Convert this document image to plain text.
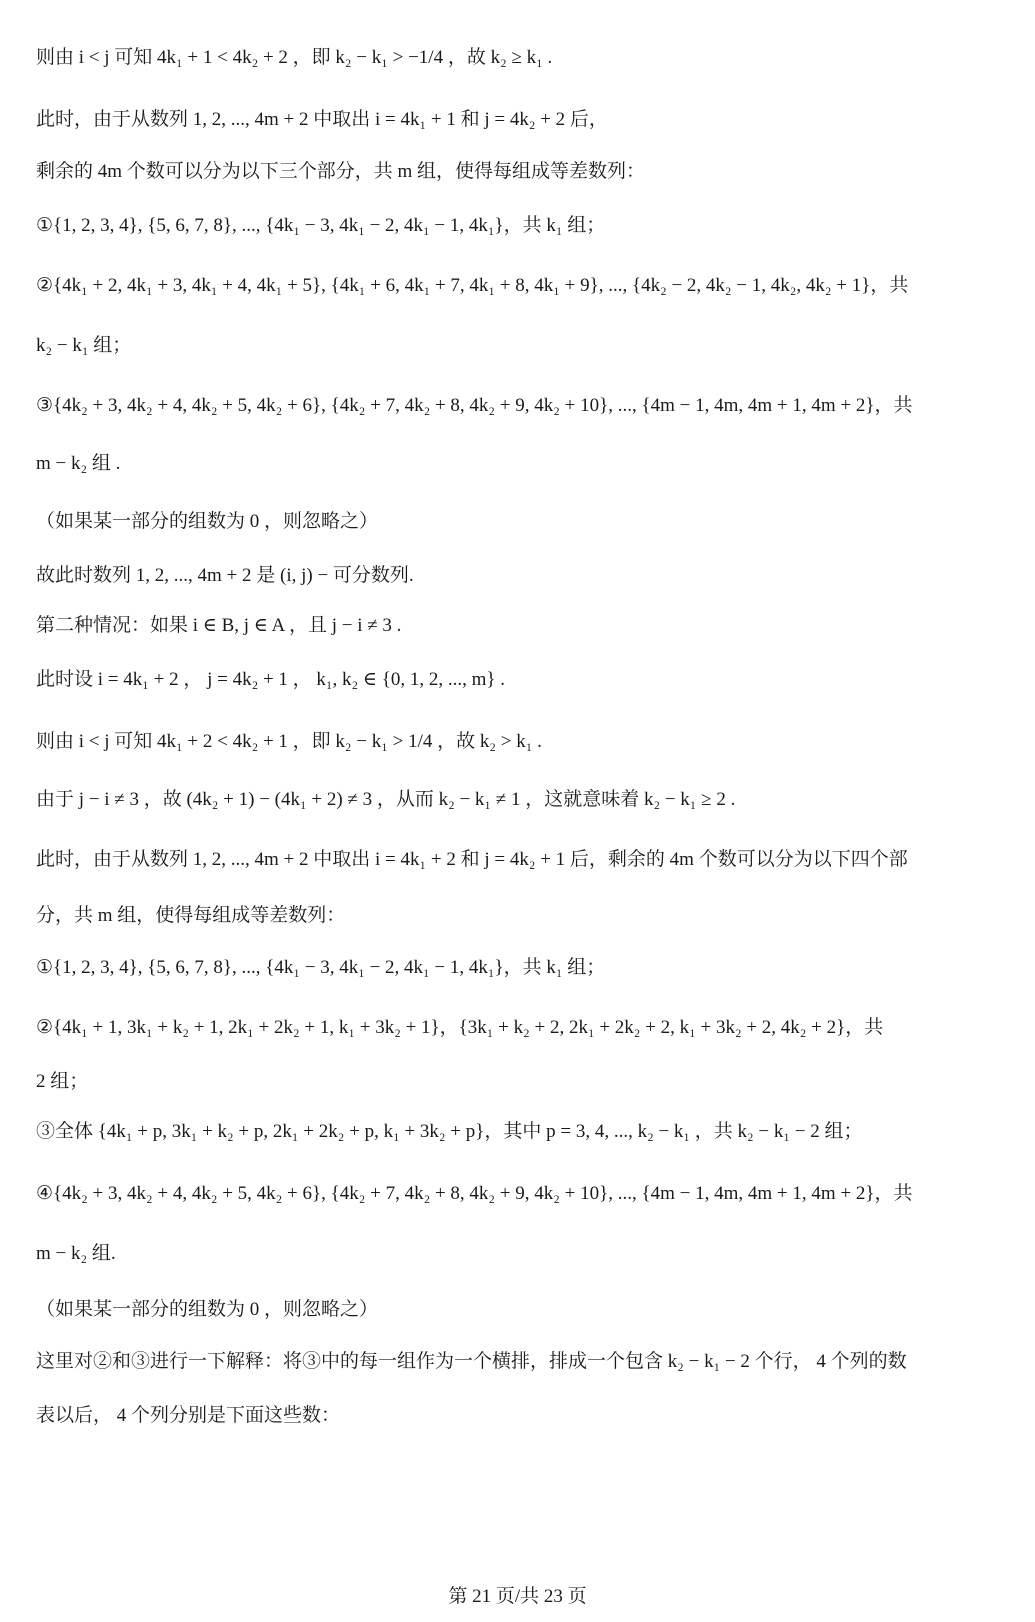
则由 i < j 可知 4k₁ + 1 < 4k₂ + 2 ，即 k₂ − k₁ > −1/4 ，故 k₂ ≥ k₁ .
此时，由于从数列 1, 2, ..., 4m + 2 中取出 i = 4k₁ + 1 和 j = 4k₂ + 2 后，
剩余的 4m 个数可以分为以下三个部分，共 m 组，使得每组成等差数列：
①{1, 2, 3, 4}, {5, 6, 7, 8}, ..., {4k₁ − 3, 4k₁ − 2, 4k₁ − 1, 4k₁}，共 k₁ 组；
②{4k₁ + 2, 4k₁ + 3, 4k₁ + 4, 4k₁ + 5}, {4k₁ + 6, 4k₁ + 7, 4k₁ + 8, 4k₁ + 9}, ..., {4k₂ − 2, 4k₂ − 1, 4k₂, 4k₂ + 1}，共
k₂ − k₁ 组；
③{4k₂ + 3, 4k₂ + 4, 4k₂ + 5, 4k₂ + 6}, {4k₂ + 7, 4k₂ + 8, 4k₂ + 9, 4k₂ + 10}, ..., {4m − 1, 4m, 4m + 1, 4m + 2}，共
m − k₂ 组 .
（如果某一部分的组数为 0 ，则忽略之）
故此时数列 1, 2, ..., 4m + 2 是 (i, j) − 可分数列.
第二种情况：如果 i ∈ B, j ∈ A ，且 j − i ≠ 3 .
此时设 i = 4k₁ + 2 ， j = 4k₂ + 1 ， k₁, k₂ ∈ {0, 1, 2, ..., m} .
则由 i < j 可知 4k₁ + 2 < 4k₂ + 1 ，即 k₂ − k₁ > 1/4 ，故 k₂ > k₁ .
由于 j − i ≠ 3 ，故 (4k₂ + 1) − (4k₁ + 2) ≠ 3 ，从而 k₂ − k₁ ≠ 1 ，这就意味着 k₂ − k₁ ≥ 2 .
此时，由于从数列 1, 2, ..., 4m + 2 中取出 i = 4k₁ + 2 和 j = 4k₂ + 1 后，剩余的 4m 个数可以分为以下四个部
分，共 m 组，使得每组成等差数列：
①{1, 2, 3, 4}, {5, 6, 7, 8}, ..., {4k₁ − 3, 4k₁ − 2, 4k₁ − 1, 4k₁}，共 k₁ 组；
②{4k₁ + 1, 3k₁ + k₂ + 1, 2k₁ + 2k₂ + 1, k₁ + 3k₂ + 1}，{3k₁ + k₂ + 2, 2k₁ + 2k₂ + 2, k₁ + 3k₂ + 2, 4k₂ + 2}，共
2 组；
③全体 {4k₁ + p, 3k₁ + k₂ + p, 2k₁ + 2k₂ + p, k₁ + 3k₂ + p}，其中 p = 3, 4, ..., k₂ − k₁ ，共 k₂ − k₁ − 2 组；
④{4k₂ + 3, 4k₂ + 4, 4k₂ + 5, 4k₂ + 6}, {4k₂ + 7, 4k₂ + 8, 4k₂ + 9, 4k₂ + 10}, ..., {4m − 1, 4m, 4m + 1, 4m + 2}，共
m − k₂ 组.
（如果某一部分的组数为 0 ，则忽略之）
这里对②和③进行一下解释：将③中的每一组作为一个横排，排成一个包含 k₂ − k₁ − 2 个行， 4 个列的数
表以后， 4 个列分别是下面这些数：
第 21 页/共 23 页
